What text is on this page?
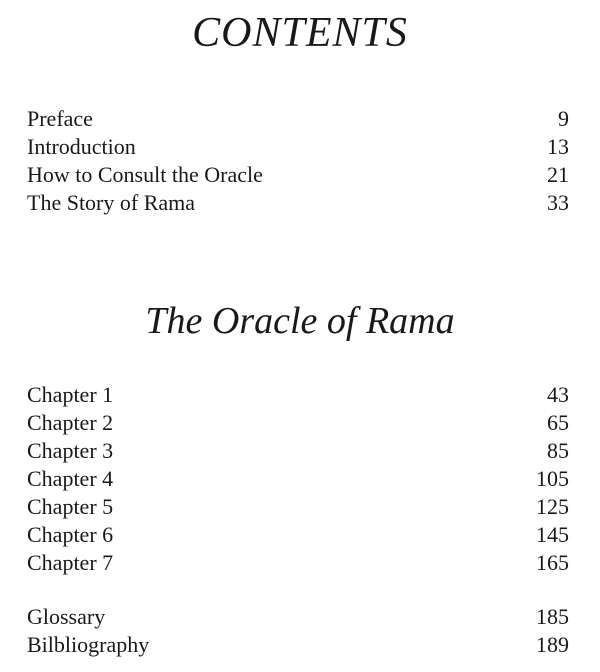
CONTENTS
Preface	9
Introduction	13
How to Consult the Oracle	21
The Story of Rama	33
The Oracle of Rama
Chapter 1	43
Chapter 2	65
Chapter 3	85
Chapter 4	105
Chapter 5	125
Chapter 6	145
Chapter 7	165
Glossary	185
Bilbliography	189
